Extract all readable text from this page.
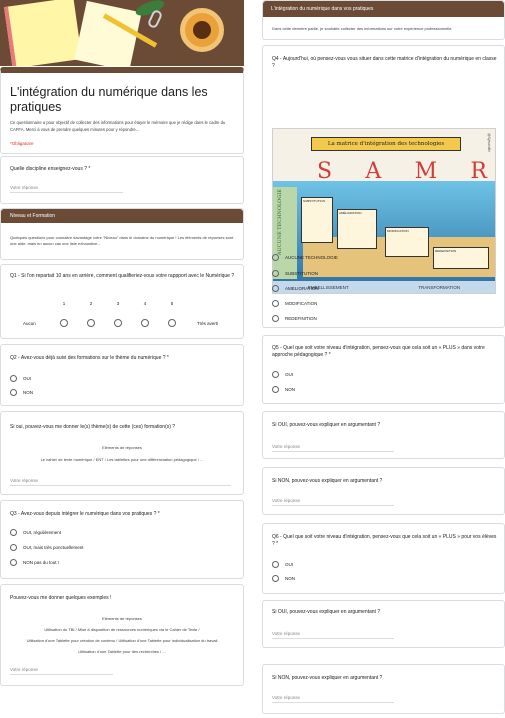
L'intégration du numérique dans les pratiques
Ce questionnaire a pour objectif de collecter des informations pour étayer le mémoire que je rédige dans le cadre du CAFFA. Merci à vous de prendre quelques minutes pour y répondre...
*Obligatoire
Quelle discipline enseignez-vous ? *
Votre réponse
Niveau et Formation
Quelques questions pour connaitre davantage votre "Niveau" dans le domaine du numérique ! Les éléments de réponses sont une aide, mais en aucun cas une liste exhaustive...
Q1 - Si l'on repartait 10 ans en arrière, comment qualifieriez-vous votre rappport avec le Numérique ?
1	2	3	4	5
Aucun	Très averti
Q2 - Avez-vous déjà suivi des formations sur le thème du numérique ? *
OUI
NON
Si oui, pouvez-vous me donner le(s) thème(s) de cette (ces) formation(s) ?
Eléments de réponses
Le cahier de texte numérique / ENT / Les tablettes pour une différenciation pédagogique / ...
Votre réponse
Q3 - Avez-vous depuis intégrer le numérique dans vos pratiques ? *
OUI, régulièrement
OUI, mais très ponctuellement
NON pas du tout !
Pouvez-vous me donner quelques exemples !
Eléments de réponses
Utilisation du TBI / Mise à disposition de ressources numériques via le Cahier de Texte /
Utilisation d'une Tablette pour création de contenu / Utilisation d'une Tablette pour individualisation du travail
Utilisation d'une Tablette pour des recherches / ...
Votre réponse
L'intégration du numérique dans vos pratiques
Dans cette dernière partie, je souhaite collecter des informations sur votre expérience professionnelle.
Q4 - Aujourd'hui, où pensez-vous vous situer dans cette matrice d'intégration du numérique en classe ?
AUCUNE TECHNOLOGIE
La matrice d'intégration des technologies
S A M R
SUBSTITUTION
AMÉLIORATION
MODIFICATION
REDEFINITION
@SylvainBri
EMBELLISSEMENT	TRANSFORMATION
AUCUNE TECHNOLOGIE
SUBSTITUTION
AMELIORATION
MODIFICATION
REDEFINITION
Q5 - Quel que soit votre niveau d'intégration, pensez-vous que cela soit un « PLUS » dans votre approche pédagogique ? *
OUI
NON
Si OUI, pouvez-vous expliquer en argumentant ?
Votre réponse
Si NON, pouvez-vous expliquer en argumentant ?
Votre réponse
Q6 - Quel que soit votre niveau d'intégration, pensez-vous que cela soit un « PLUS » pour vos élèves ? *
OUI
NON
Si OUI, pouvez-vous expliquer en argumentant ?
Votre réponse
Si NON, pouvez-vous expliquer en argumentant ?
Votre réponse
